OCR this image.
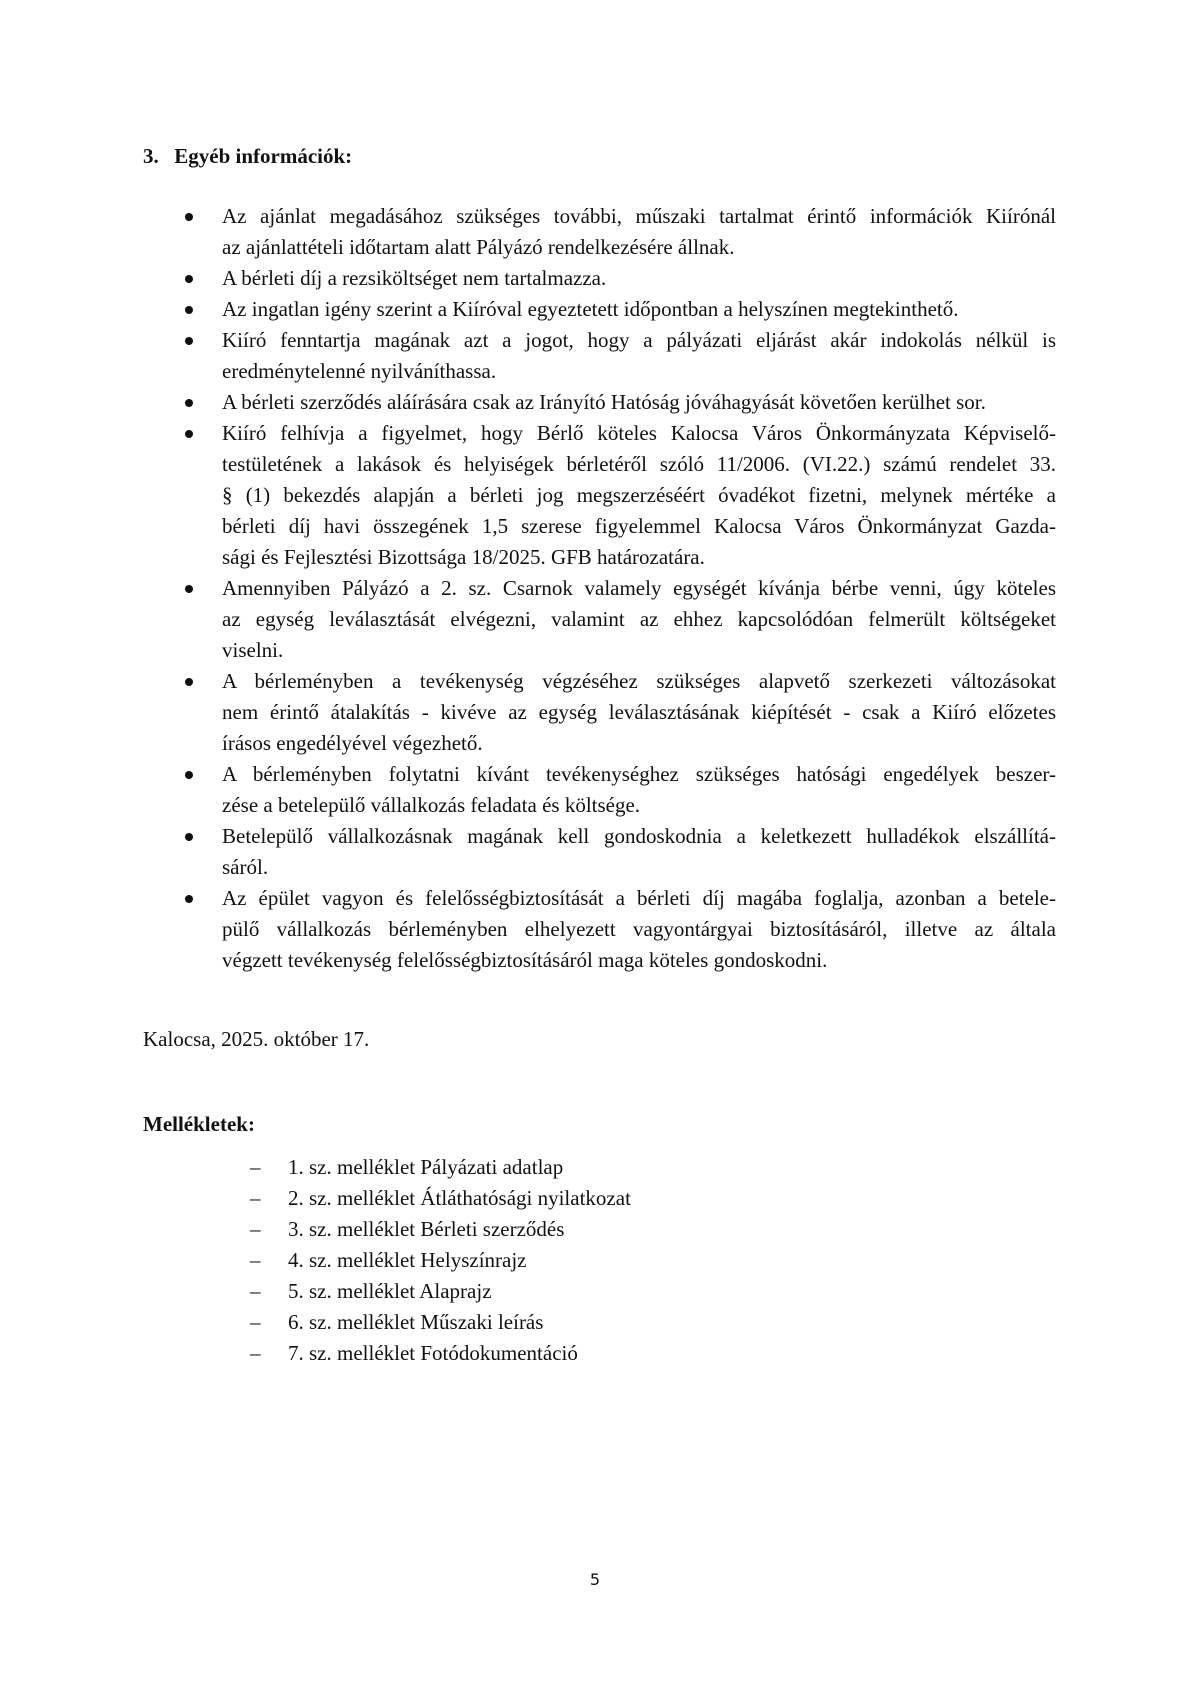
3. Egyéb információk:
Az ajánlat megadásához szükséges további, műszaki tartalmat érintő információk Kiírónál
az ajánlattételi időtartam alatt Pályázó rendelkezésére állnak.
A bérleti díj a rezsiköltséget nem tartalmazza.
Az ingatlan igény szerint a Kiíróval egyeztetett időpontban a helyszínen megtekinthető.
Kiíró fenntartja magának azt a jogot, hogy a pályázati eljárást akár indokolás nélkül is
eredménytelenné nyilváníthassa.
A bérleti szerződés aláírására csak az Irányító Hatóság jóváhagyását követően kerülhet sor.
Kiíró felhívja a figyelmet, hogy Bérlő köteles Kalocsa Város Önkormányzata Képviselő-
testületének a lakások és helyiségek bérletéről szóló 11/2006. (VI.22.) számú rendelet 33.
§ (1) bekezdés alapján a bérleti jog megszerzéséért óvadékot fizetni, melynek mértéke a
bérleti díj havi összegének 1,5 szerese figyelemmel Kalocsa Város Önkormányzat Gazda-
sági és Fejlesztési Bizottsága 18/2025. GFB határozatára.
Amennyiben Pályázó a 2. sz. Csarnok valamely egységét kívánja bérbe venni, úgy köteles
az egység leválasztását elvégezni, valamint az ehhez kapcsolódóan felmerült költségeket
viselni.
A bérleményben a tevékenység végzéséhez szükséges alapvető szerkezeti változásokat
nem érintő átalakítás - kivéve az egység leválasztásának kiépítését - csak a Kiíró előzetes
írásos engedélyével végezhető.
A bérleményben folytatni kívánt tevékenységhez szükséges hatósági engedélyek beszer-
zése a betelepülő vállalkozás feladata és költsége.
Betelepülő vállalkozásnak magának kell gondoskodnia a keletkezett hulladékok elszállítá-
sáról.
Az épület vagyon és felelősségbiztosítását a bérleti díj magába foglalja, azonban a betele-
pülő vállalkozás bérleményben elhelyezett vagyontárgyai biztosításáról, illetve az általa
végzett tevékenység felelősségbiztosításáról maga köteles gondoskodni.
Kalocsa, 2025. október 17.
Mellékletek:
– 1. sz. melléklet Pályázati adatlap
– 2. sz. melléklet Átláthatósági nyilatkozat
– 3. sz. melléklet Bérleti szerződés
– 4. sz. melléklet Helyszínrajz
– 5. sz. melléklet Alaprajz
– 6. sz. melléklet Műszaki leírás
– 7. sz. melléklet Fotódokumentáció
5
